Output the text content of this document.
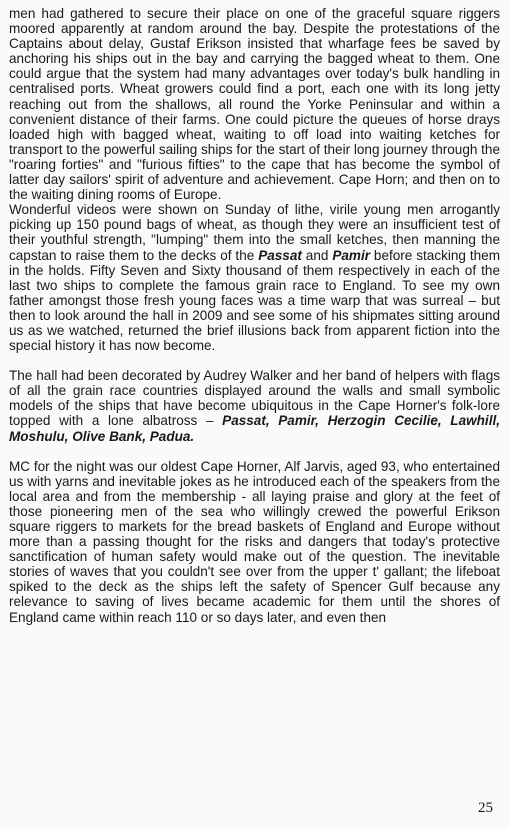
men had gathered to secure their place on one of the graceful square riggers moored apparently at random around the bay. Despite the protestations of the Captains about delay, Gustaf Erikson insisted that wharfage fees be saved by anchoring his ships out in the bay and carrying the bagged wheat to them. One could argue that the system had many advantages over today's bulk handling in centralised ports. Wheat growers could find a port, each one with its long jetty reaching out from the shallows, all round the Yorke Peninsular and within a convenient distance of their farms. One could picture the queues of horse drays loaded high with bagged wheat, waiting to off load into waiting ketches for transport to the powerful sailing ships for the start of their long journey through the "roaring forties" and "furious fifties" to the cape that has become the symbol of latter day sailors' spirit of adventure and achievement. Cape Horn; and then on to the waiting dining rooms of Europe.

Wonderful videos were shown on Sunday of lithe, virile young men arrogantly picking up 150 pound bags of wheat, as though they were an insufficient test of their youthful strength, "lumping" them into the small ketches, then manning the capstan to raise them to the decks of the Passat and Pamir before stacking them in the holds. Fifty Seven and Sixty thousand of them respectively in each of the last two ships to complete the famous grain race to England. To see my own father amongst those fresh young faces was a time warp that was surreal – but then to look around the hall in 2009 and see some of his shipmates sitting around us as we watched, returned the brief illusions back from apparent fiction into the special history it has now become.

The hall had been decorated by Audrey Walker and her band of helpers with flags of all the grain race countries displayed around the walls and small symbolic models of the ships that have become ubiquitous in the Cape Horner's folk-lore topped with a lone albatross – Passat, Pamir, Herzogin Cecilie, Lawhill, Moshulu, Olive Bank, Padua.

MC for the night was our oldest Cape Horner, Alf Jarvis, aged 93, who entertained us with yarns and inevitable jokes as he introduced each of the speakers from the local area and from the membership - all laying praise and glory at the feet of those pioneering men of the sea who willingly crewed the powerful Erikson square riggers to markets for the bread baskets of England and Europe without more than a passing thought for the risks and dangers that today's protective sanctification of human safety would make out of the question. The inevitable stories of waves that you couldn't see over from the upper t' gallant; the lifeboat spiked to the deck as the ships left the safety of Spencer Gulf because any relevance to saving of lives became academic for them until the shores of England came within reach 110 or so days later, and even then

25
